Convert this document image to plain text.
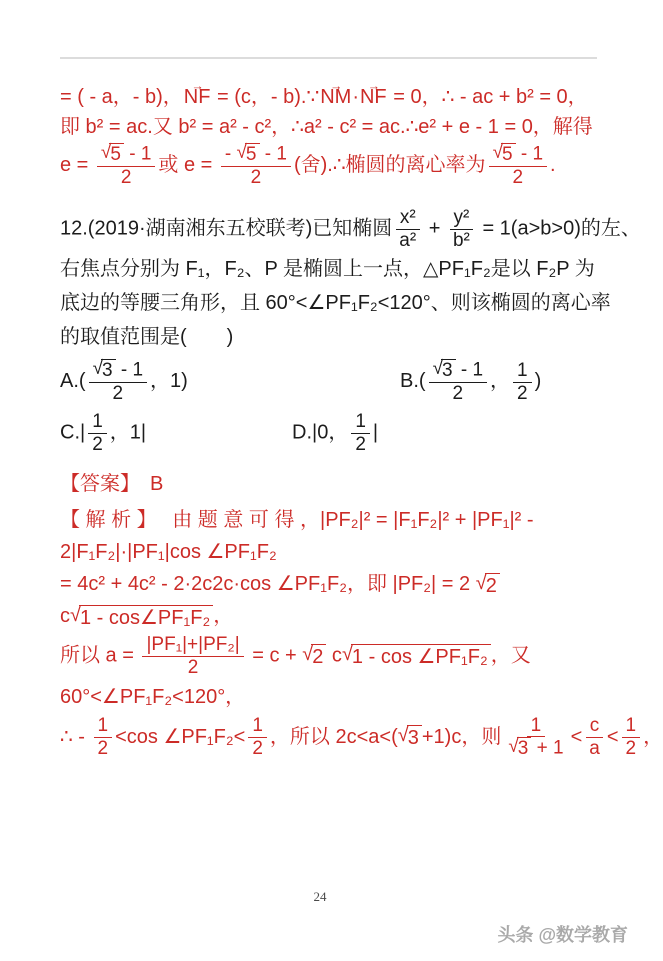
= ( - a，- b)，→ NF = (c，- b).∵→ NM·→ NF = 0，∴ - ac + b² = 0，
即 b² = ac.又 b² = a² - c²，∴a² - c² = ac.∴e² + e - 1 = 0，解得
$e = \frac{√ 5 - 1}{2}$ 或 $e = \frac{- √ 5 - 1}{2}$ (舍).∴椭圆的离心率为 $\frac{√ 5 - 1}{2}$ .
12.(2019·湖南湘东五校联考)已知椭圆 $\frac{\text{x²}}{\text{a²}} + \frac{\text{y²}}{\text{b²}} = 1(a>b>0)$的左、
右焦点分别为 F₁，F₂、P 是椭圆上一点，△PF₁F₂是以 F₂P 为
底边的等腰三角形，且 60°<∠PF₁F₂<120°、则该椭圆的离心率
的取值范围是(　　)
$A.( \frac{√ 3 - 1}{2}$ ，1)	$B.( \frac{√ 3 - 1}{2}$ ， $\frac{1}{2}$ )
$C.| \frac{1}{2}$ ，1|	D.|0， $\frac{1}{2}$ |
【答案】　B
【 解 析 】　 由 题 意 可 得 ，|PF₂|² = |F₁F₂|² + |PF₁|² -
2|F₁F₂|·|PF₁|cos ∠PF₁F₂
= 4c² + 4c² - 2·2c2c·cos ∠PF₁F₂，即 |PF₂| = 2 √ 2
c √ 1 - cos∠PF₁F₂ ，
所以 $a = \frac{\text{|PF₁|+|PF₂|}}{2} = c$ + √ 2 c √ 1 - cos ∠PF₁F₂ ，又
60°<∠PF₁F₂<120°，
∴ - $\frac{1}{2} <\cos$ ∠PF₁F₂< $\frac{1}{2}$ ，所以 2c<a<( √ 3 +1)c，则 $\frac{1}{√ 3 + 1} < \frac{c}{a} < \frac{1}{2}$ ，
24
头条 @数学教育
